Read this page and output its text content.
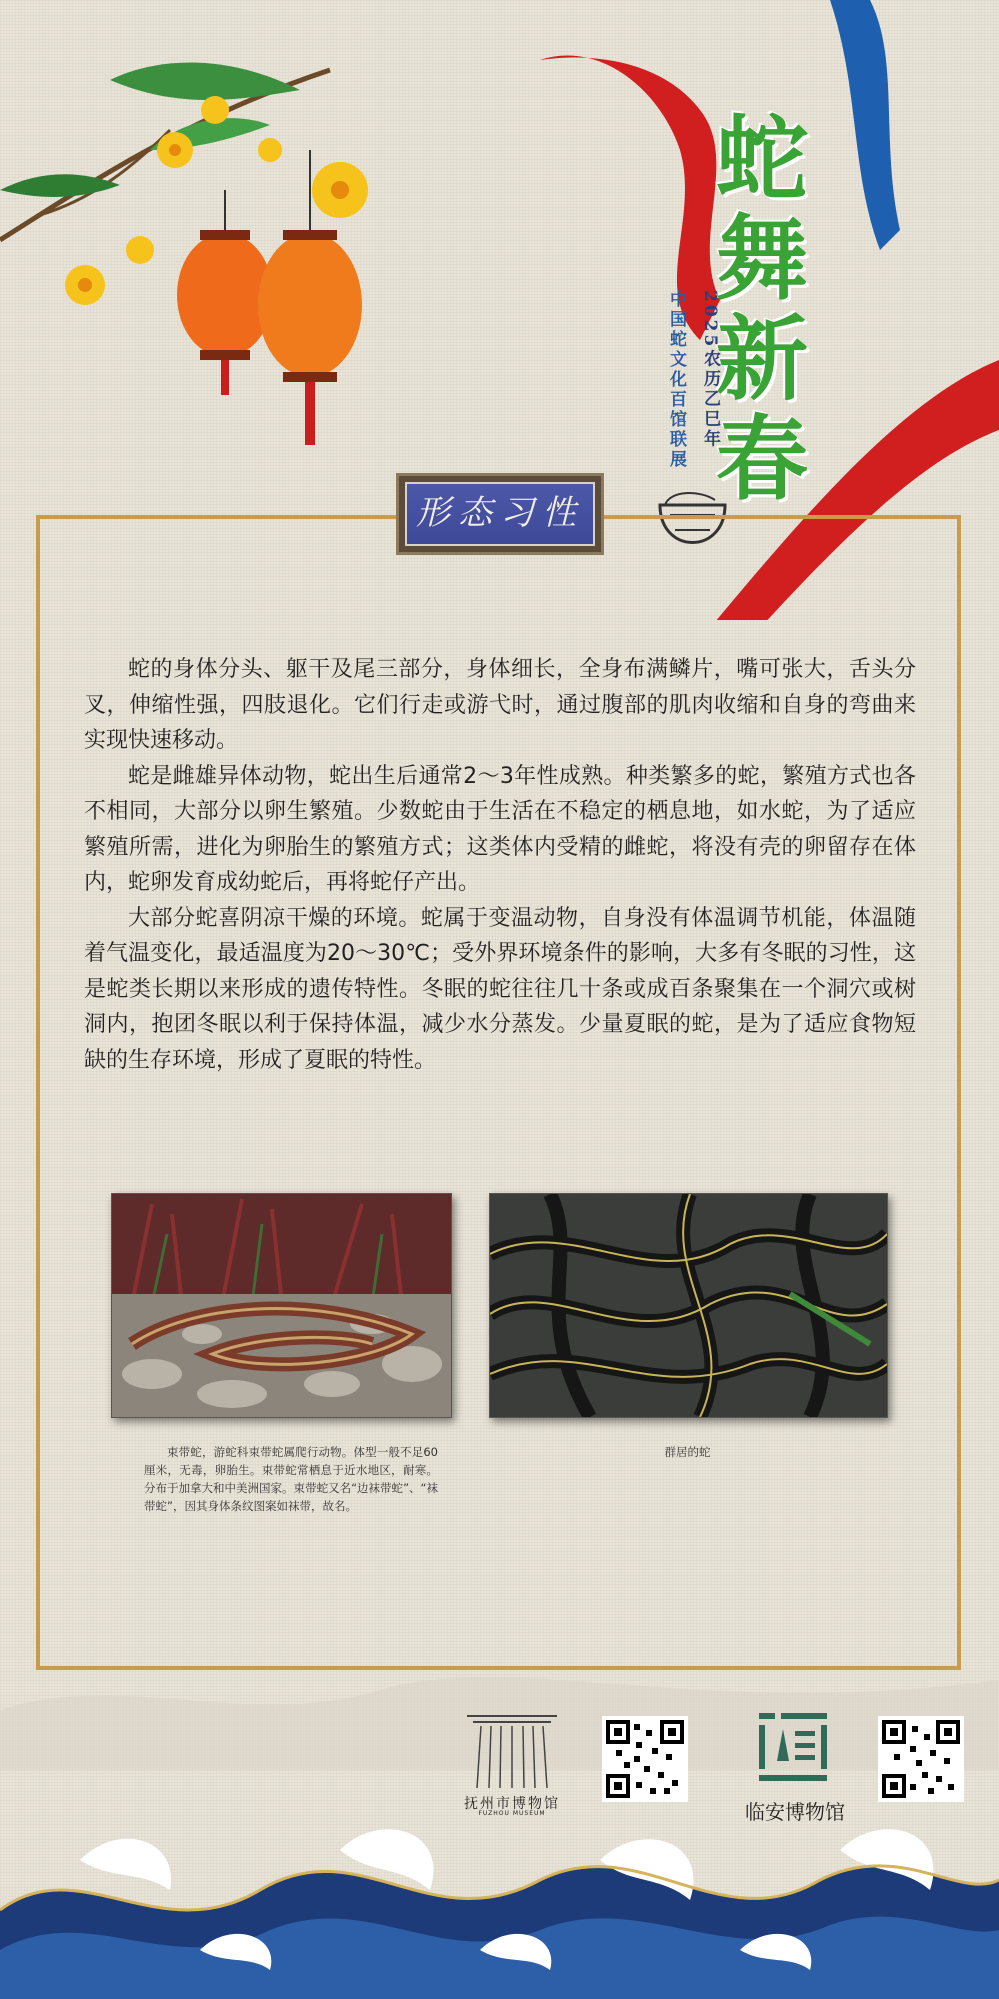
蛇
舞
新
春
2025农历乙巳年
中国蛇文化百馆联展
形态习性

蛇的身体分头、躯干及尾三部分，身体细长，全身布满鳞片，嘴可张大，舌头分叉，伸缩性强，四肢退化。它们行走或游弋时，通过腹部的肌肉收缩和自身的弯曲来实现快速移动。

蛇是雌雄异体动物，蛇出生后通常2～3年性成熟。种类繁多的蛇，繁殖方式也各不相同，大部分以卵生繁殖。少数蛇由于生活在不稳定的栖息地，如水蛇，为了适应繁殖所需，进化为卵胎生的繁殖方式；这类体内受精的雌蛇，将没有壳的卵留存在体内，蛇卵发育成幼蛇后，再将蛇仔产出。

大部分蛇喜阴凉干燥的环境。蛇属于变温动物，自身没有体温调节机能，体温随着气温变化，最适温度为20～30℃；受外界环境条件的影响，大多有冬眠的习性，这是蛇类长期以来形成的遗传特性。冬眠的蛇往往几十条或成百条聚集在一个洞穴或树洞内，抱团冬眠以利于保持体温，减少水分蒸发。少量夏眠的蛇，是为了适应食物短缺的生存环境，形成了夏眠的特性。

束带蛇，游蛇科束带蛇属爬行动物。体型一般不足60厘米，无毒，卵胎生。束带蛇常栖息于近水地区，耐寒。分布于加拿大和中美洲国家。束带蛇又名“边袜带蛇”、“袜带蛇”，因其身体条纹图案如袜带，故名。
群居的蛇
抚州市博物馆
FUZHOU MUSEUM	临安博物馆
